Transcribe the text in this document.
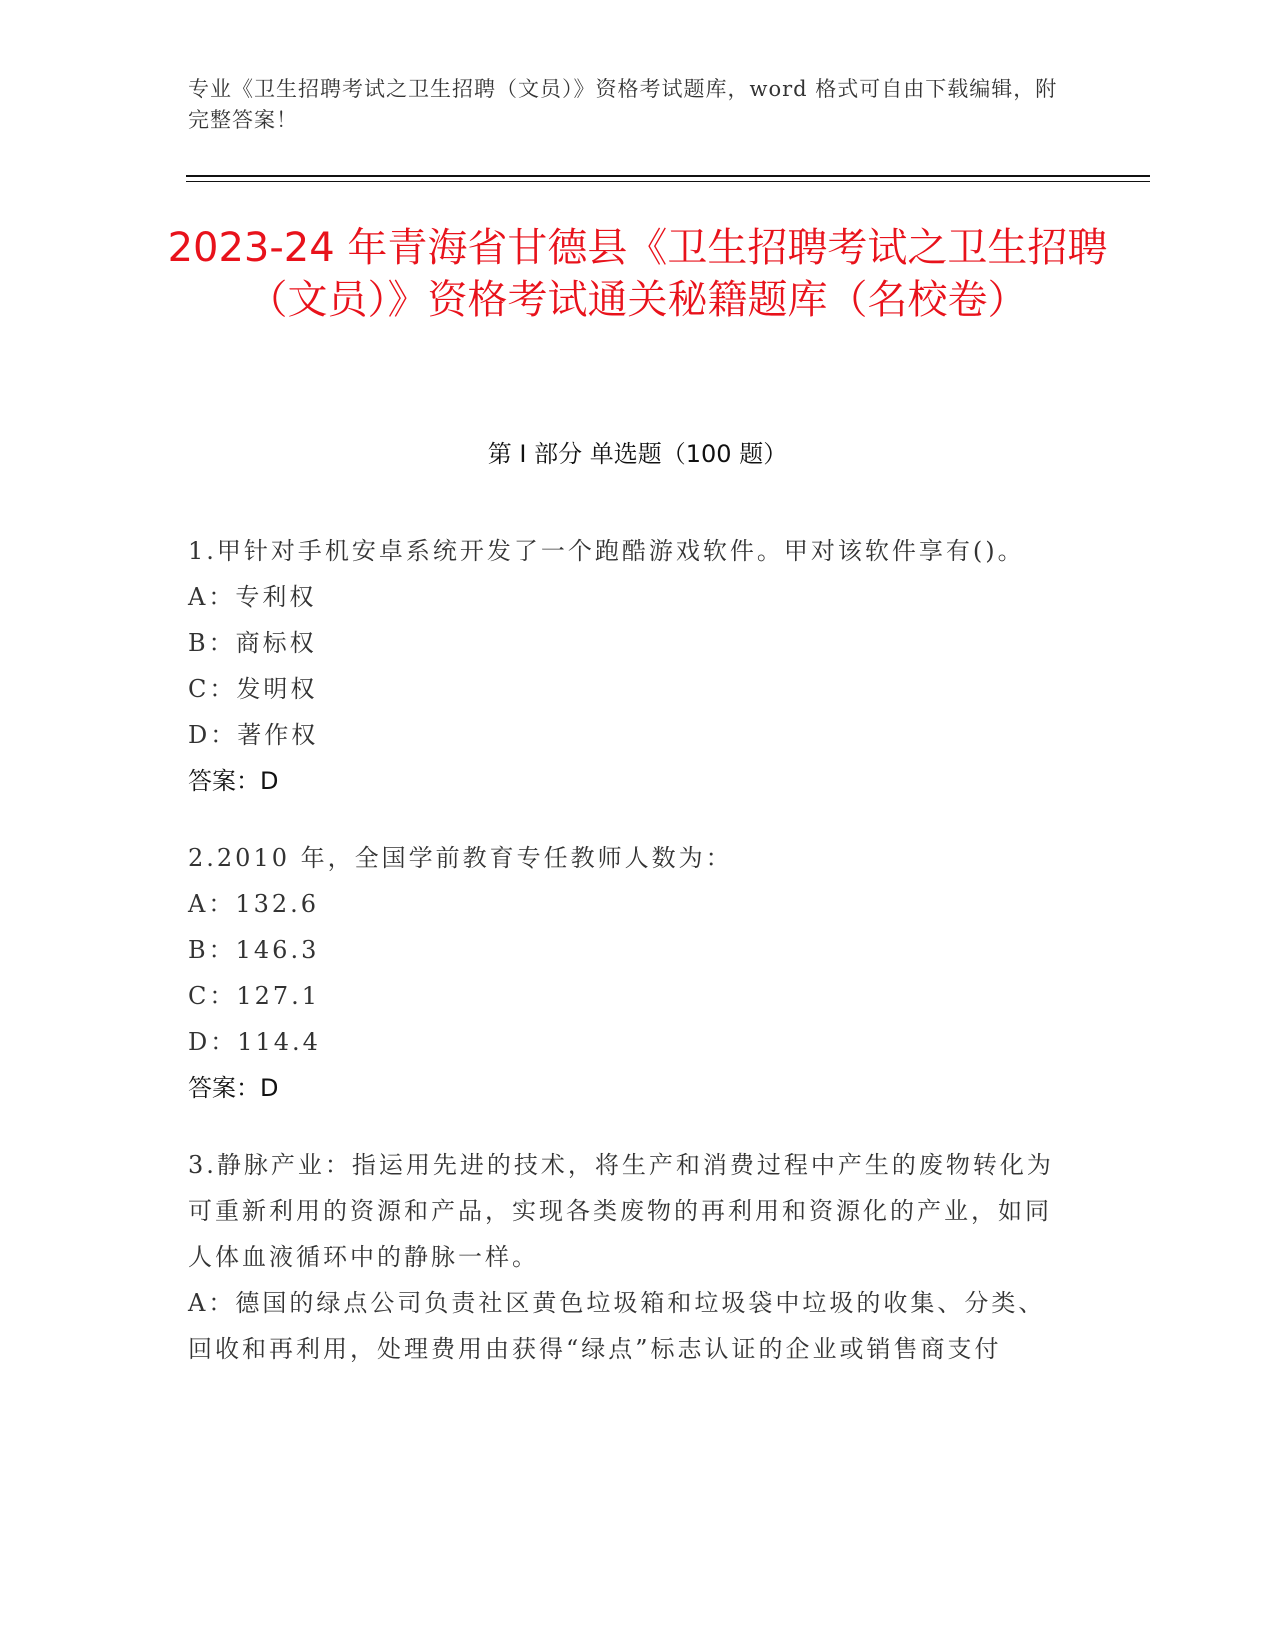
专业《卫生招聘考试之卫生招聘（文员）》资格考试题库，word 格式可自由下载编辑，附完整答案！
2023-24 年青海省甘德县《卫生招聘考试之卫生招聘（文员）》资格考试通关秘籍题库（名校卷）
第 I 部分 单选题（100 题）

1.甲针对手机安卓系统开发了一个跑酷游戏软件。甲对该软件享有()。

A：专利权

B：商标权

C：发明权

D：著作权

答案：D

2.2010 年，全国学前教育专任教师人数为：

A：132.6

B：146.3

C：127.1

D：114.4

答案：D

3.静脉产业：指运用先进的技术，将生产和消费过程中产生的废物转化为可重新利用的资源和产品，实现各类废物的再利用和资源化的产业，如同人体血液循环中的静脉一样。

A：德国的绿点公司负责社区黄色垃圾箱和垃圾袋中垃圾的收集、分类、回收和再利用，处理费用由获得“绿点”标志认证的企业或销售商支付
